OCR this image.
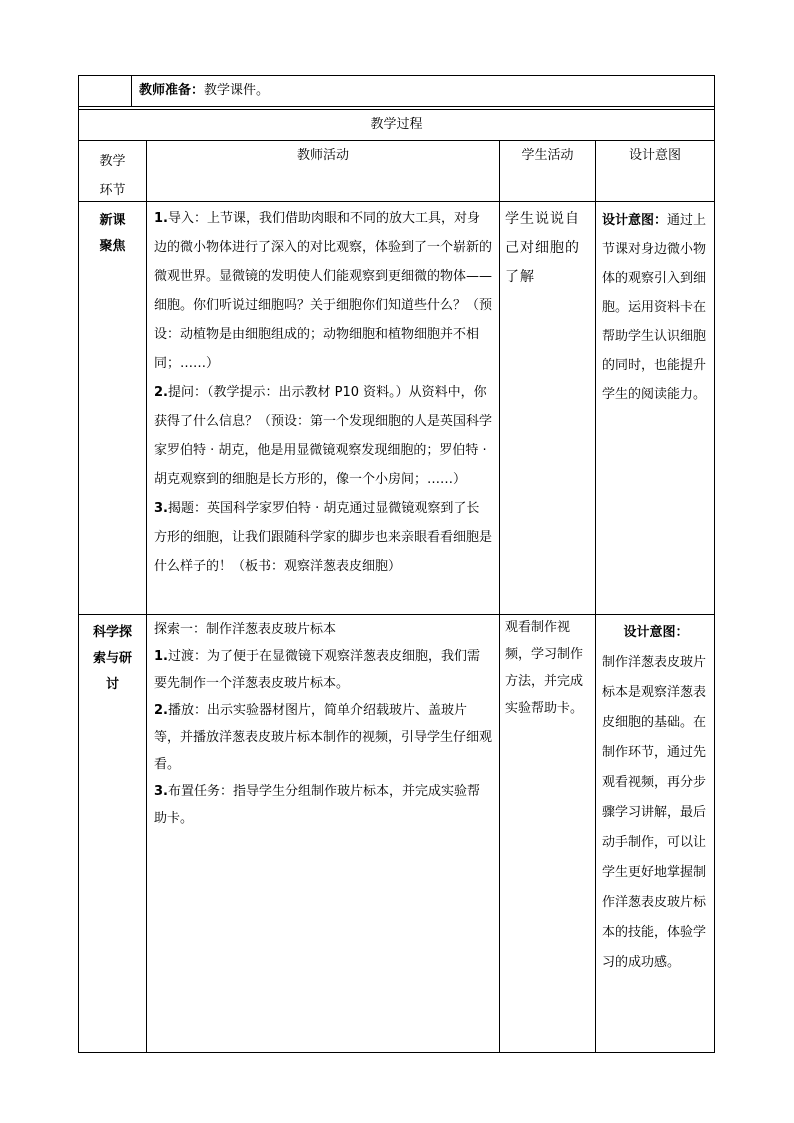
教师准备：教学课件。
教学过程
教学
环节
教师活动	学生活动	设计意图
新课
聚焦

1.导入：上节课，我们借助肉眼和不同的放大工具，对身边的微小物体进行了深入的对比观察，体验到了一个崭新的微观世界。显微镜的发明使人们能观察到更细微的物体——细胞。你们听说过细胞吗？关于细胞你们知道些什么？（预设：动植物是由细胞组成的；动物细胞和植物细胞并不相同；……）

2.提问：（教学提示：出示教材 P10 资料。）从资料中，你获得了什么信息？（预设：第一个发现细胞的人是英国科学家罗伯特 · 胡克，他是用显微镜观察发现细胞的；罗伯特 · 胡克观察到的细胞是长方形的，像一个小房间；……）

3.揭题：英国科学家罗伯特 · 胡克通过显微镜观察到了长方形的细胞，让我们跟随科学家的脚步也来亲眼看看细胞是什么样子的！（板书：观察洋葱表皮细胞）

学生说说自己对细胞的了解
设计意图：通过上节课对身边微小物体的观察引入到细胞。运用资料卡在帮助学生认识细胞的同时，也能提升学生的阅读能力。
科学探
索与研
讨

探索一：制作洋葱表皮玻片标本

1.过渡：为了便于在显微镜下观察洋葱表皮细胞，我们需要先制作一个洋葱表皮玻片标本。

2.播放：出示实验器材图片，简单介绍载玻片、盖玻片等，并播放洋葱表皮玻片标本制作的视频，引导学生仔细观看。

3.布置任务：指导学生分组制作玻片标本，并完成实验帮助卡。

观看制作视频，学习制作方法，并完成实验帮助卡。
设计意图：
制作洋葱表皮玻片标本是观察洋葱表皮细胞的基础。在制作环节，通过先观看视频，再分步骤学习讲解，最后动手制作，可以让学生更好地掌握制作洋葱表皮玻片标本的技能，体验学习的成功感。
